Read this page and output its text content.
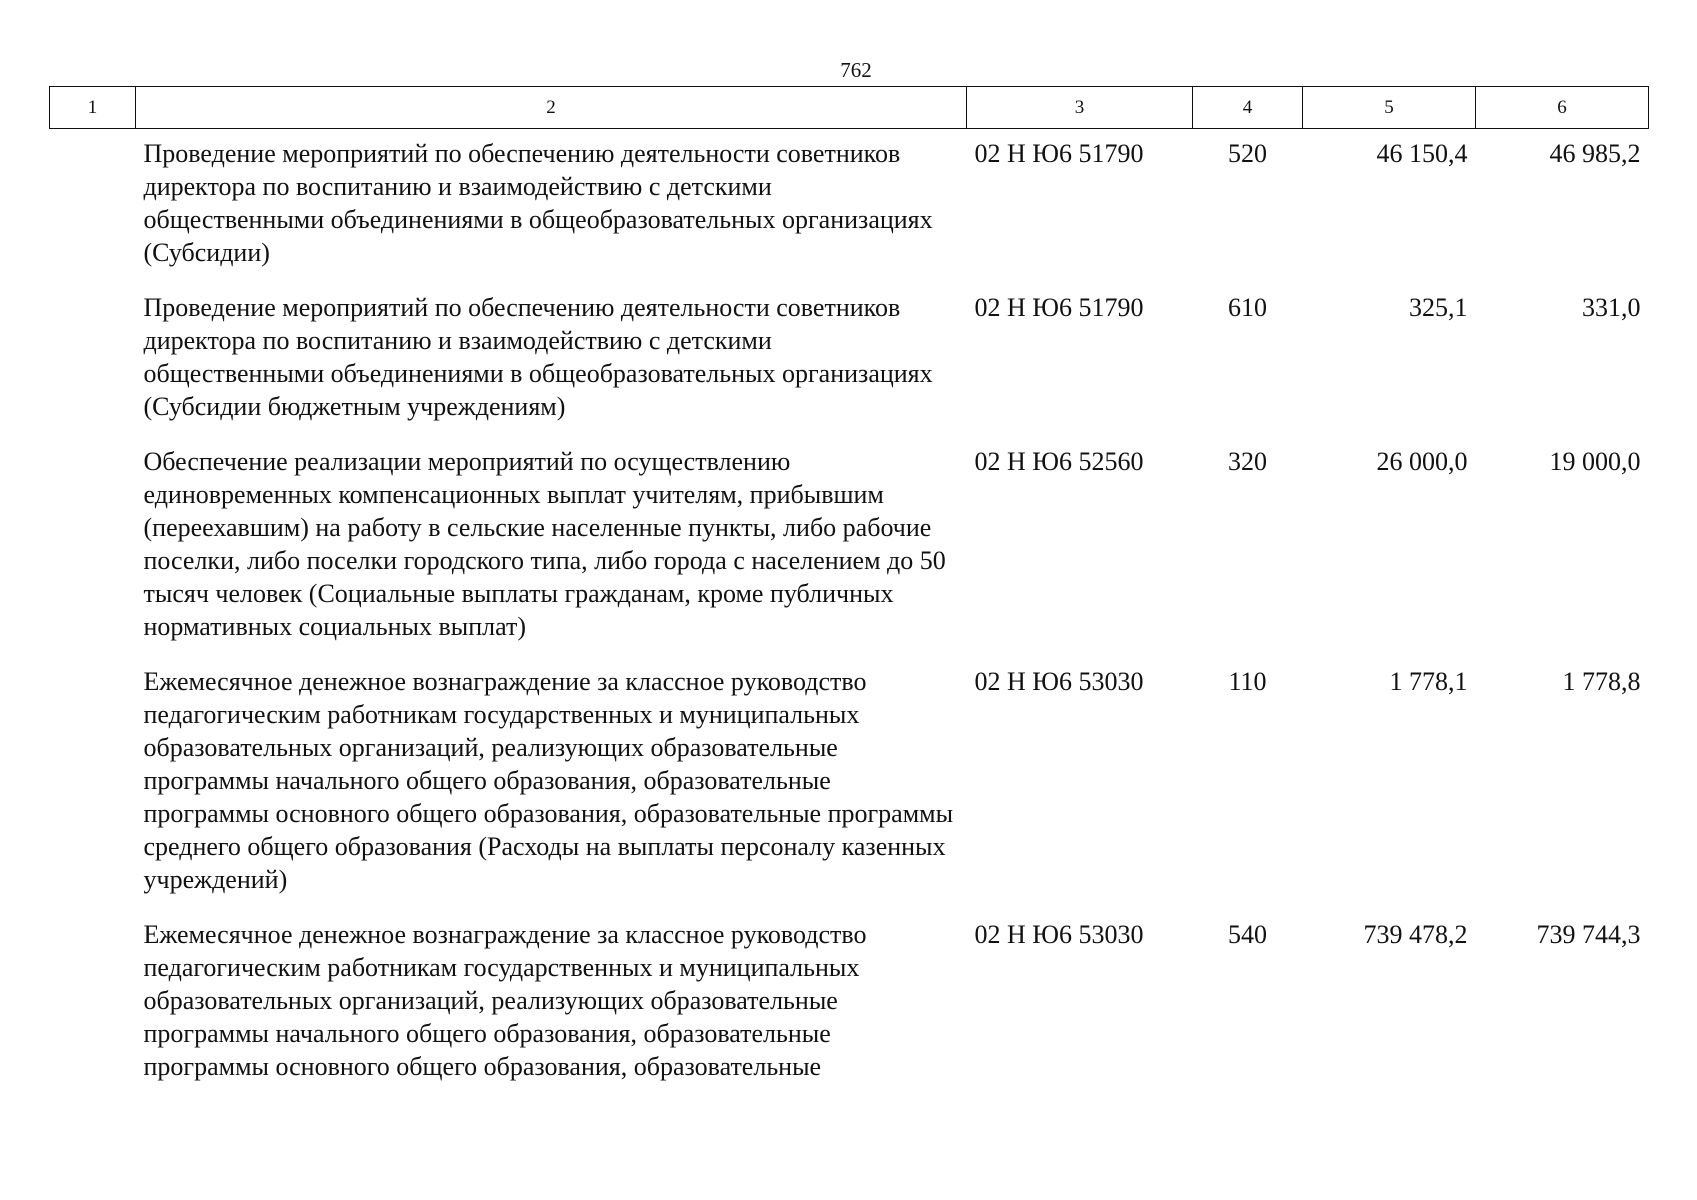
762
1	2	3	4	5	6
	Проведение мероприятий по обеспечению деятельности советников директора по воспитанию и взаимодействию с детскими общественными объединениями в общеобразовательных организациях (Субсидии)	02 Н Ю6 51790	520	46 150,4	46 985,2
	Проведение мероприятий по обеспечению деятельности советников директора по воспитанию и взаимодействию с детскими общественными объединениями в общеобразовательных организациях (Субсидии бюджетным учреждениям)	02 Н Ю6 51790	610	325,1	331,0
	Обеспечение реализации мероприятий по осуществлению единовременных компенсационных выплат учителям, прибывшим (переехавшим) на работу в сельские населенные пункты, либо рабочие поселки, либо поселки городского типа, либо города с населением до 50 тысяч человек (Социальные выплаты гражданам, кроме публичных нормативных социальных выплат)	02 Н Ю6 52560	320	26 000,0	19 000,0
	Ежемесячное денежное вознаграждение за классное руководство педагогическим работникам государственных и муниципальных образовательных организаций, реализующих образовательные программы начального общего образования, образовательные программы основного общего образования, образовательные программы среднего общего образования (Расходы на выплаты персоналу казенных учреждений)	02 Н Ю6 53030	110	1 778,1	1 778,8
	Ежемесячное денежное вознаграждение за классное руководство педагогическим работникам государственных и муниципальных образовательных организаций, реализующих образовательные программы начального общего образования, образовательные программы основного общего образования, образовательные	02 Н Ю6 53030	540	739 478,2	739 744,3
